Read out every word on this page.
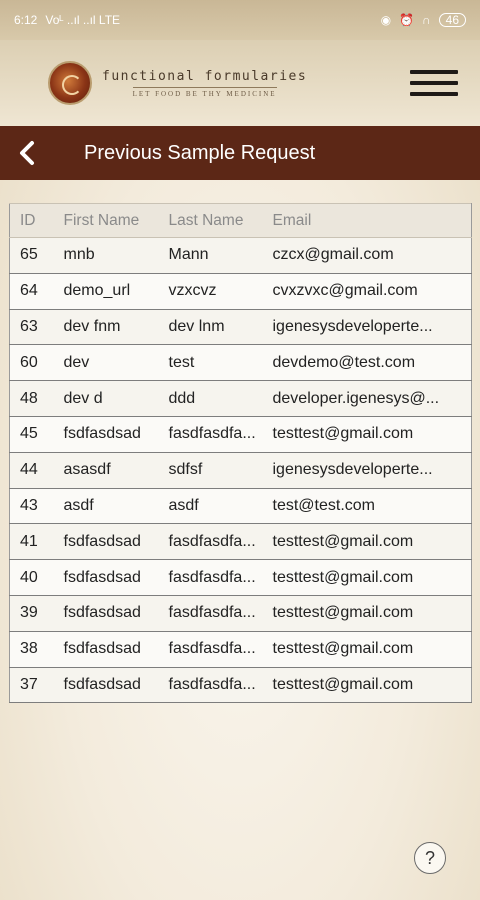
6:12 Voᴸ ..ıl ..ıl LTE	◉ ⏰ ∩	46
functional formularies
LET FOOD BE THY MEDICINE
Previous Sample Request
ID	First Name	Last Name	Email
65	mnb	Mann	czcx@gmail.com
64	demo_url	vzxcvz	cvxzvxc@gmail.com
63	dev fnm	dev lnm	igenesysdeveloperte...
60	dev	test	devdemo@test.com
48	dev d	ddd	developer.igenesys@...
45	fsdfasdsad	fasdfasdfa...	testtest@gmail.com
44	asasdf	sdfsf	igenesysdeveloperte...
43	asdf	asdf	test@test.com
41	fsdfasdsad	fasdfasdfa...	testtest@gmail.com
40	fsdfasdsad	fasdfasdfa...	testtest@gmail.com
39	fsdfasdsad	fasdfasdfa...	testtest@gmail.com
38	fsdfasdsad	fasdfasdfa...	testtest@gmail.com
37	fsdfasdsad	fasdfasdfa...	testtest@gmail.com
?
